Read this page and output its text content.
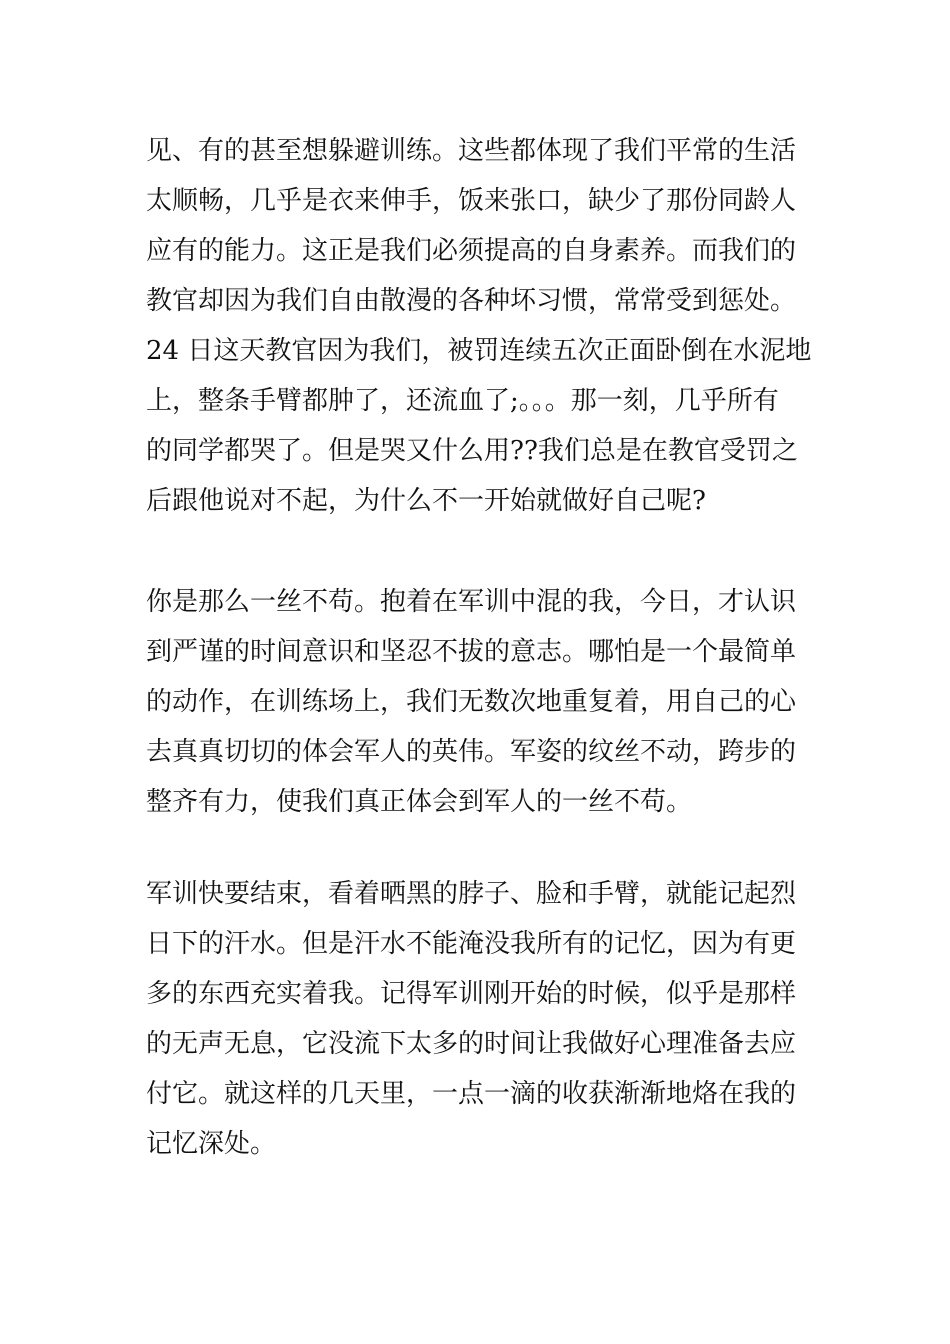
见、有的甚至想躲避训练。这些都体现了我们平常的生活
太顺畅，几乎是衣来伸手，饭来张口，缺少了那份同龄人
应有的能力。这正是我们必须提高的自身素养。而我们的
教官却因为我们自由散漫的各种坏习惯，常常受到惩处。
24 日这天教官因为我们，被罚连续五次正面卧倒在水泥地
上，整条手臂都肿了，还流血了;。。。那一刻，几乎所有
的同学都哭了。但是哭又什么用??我们总是在教官受罚之
后跟他说对不起，为什么不一开始就做好自己呢?
你是那么一丝不苟。抱着在军训中混的我，今日，才认识
到严谨的时间意识和坚忍不拔的意志。哪怕是一个最简单
的动作，在训练场上，我们无数次地重复着，用自己的心
去真真切切的体会军人的英伟。军姿的纹丝不动，跨步的
整齐有力，使我们真正体会到军人的一丝不苟。
军训快要结束，看着晒黑的脖子、脸和手臂，就能记起烈
日下的汗水。但是汗水不能淹没我所有的记忆，因为有更
多的东西充实着我。记得军训刚开始的时候，似乎是那样
的无声无息，它没流下太多的时间让我做好心理准备去应
付它。就这样的几天里，一点一滴的收获渐渐地烙在我的
记忆深处。
